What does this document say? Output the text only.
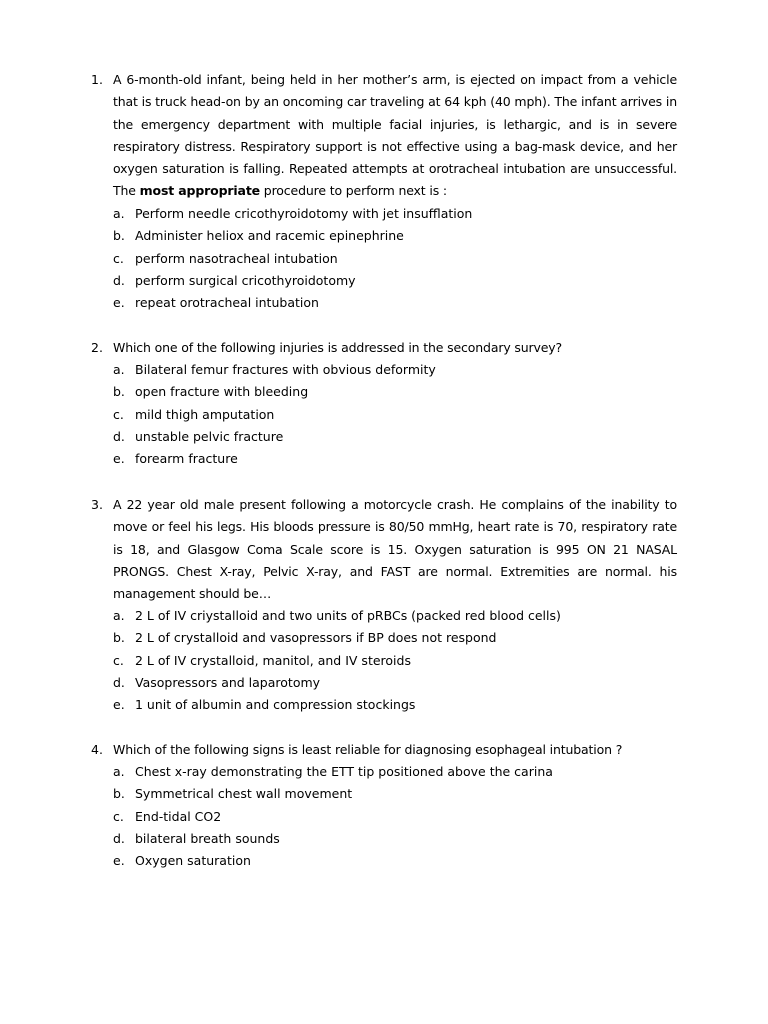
1. A 6-month-old infant, being held in her mother’s arm, is ejected on impact from a vehicle that is truck head-on by an oncoming car traveling at 64 kph (40 mph). The infant arrives in the emergency department with multiple facial injuries, is lethargic, and is in severe respiratory distress. Respiratory support is not effective using a bag-mask device, and her oxygen saturation is falling. Repeated attempts at orotracheal intubation are unsuccessful. The most appropriate procedure to perform next is :
a. Perform needle cricothyroidotomy with jet insufflation
b. Administer heliox and racemic epinephrine
c. perform nasotracheal intubation
d. perform surgical cricothyroidotomy
e. repeat orotracheal intubation
2. Which one of the following injuries is addressed in the secondary survey?
a. Bilateral femur fractures with obvious deformity
b. open fracture with bleeding
c. mild thigh amputation
d. unstable pelvic fracture
e. forearm fracture
3. A 22 year old male present following a motorcycle crash. He complains of the inability to move or feel his legs. His bloods pressure is 80/50 mmHg, heart rate is 70, respiratory rate is 18, and Glasgow Coma Scale score is 15. Oxygen saturation is 995 ON 21 NASAL PRONGS. Chest X-ray, Pelvic X-ray, and FAST are normal. Extremities are normal. his management should be…
a. 2 L of IV criystalloid and two units of pRBCs (packed red blood cells)
b. 2 L of crystalloid and vasopressors if BP does not respond
c. 2 L of IV crystalloid, manitol, and IV steroids
d. Vasopressors and laparotomy
e. 1 unit of albumin and compression stockings
4. Which of the following signs is least reliable for diagnosing esophageal intubation ?
a. Chest x-ray demonstrating the ETT tip positioned above the carina
b. Symmetrical chest wall movement
c. End-tidal CO2
d. bilateral breath sounds
e. Oxygen saturation
